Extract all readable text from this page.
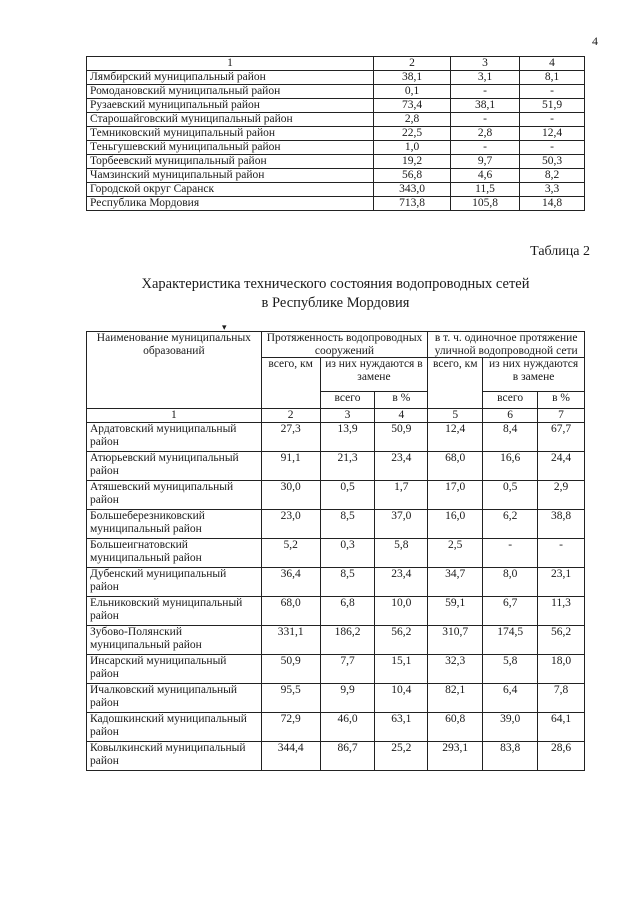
4
1	2	3	4
Лямбирский муниципальный район	38,1	3,1	8,1
Ромодановский муниципальный район	0,1	-	-
Рузаевский муниципальный район	73,4	38,1	51,9
Старошайговский муниципальный район	2,8	-	-
Темниковский муниципальный район	22,5	2,8	12,4
Теньгушевский муниципальный район	1,0	-	-
Торбеевский муниципальный район	19,2	9,7	50,3
Чамзинский муниципальный район	56,8	4,6	8,2
Городской округ Саранск	343,0	11,5	3,3
Республика Мордовия	713,8	105,8	14,8
Таблица 2
Характеристика технического состояния водопроводных сетей
в Республике Мордовия
▾
Наименование муниципальных образований	Протяженность водопроводных сооружений			в т. ч. одиночное протяжение уличной водопроводной сети		
	всего, км	из них нуждаются в замене		всего, км	из них нуждаются в замене	
		всего	в %		всего	в %
1	2	3	4	5	6	7
Ардатовский муниципальный район	27,3	13,9	50,9	12,4	8,4	67,7
Атюрьевский муниципальный район	91,1	21,3	23,4	68,0	16,6	24,4
Атяшевский муниципальный район	30,0	0,5	1,7	17,0	0,5	2,9
Большеберезниковский муниципальный район	23,0	8,5	37,0	16,0	6,2	38,8
Большеигнатовский муниципальный район	5,2	0,3	5,8	2,5	-	-
Дубенский муниципальный район	36,4	8,5	23,4	34,7	8,0	23,1
Ельниковский муниципальный район	68,0	6,8	10,0	59,1	6,7	11,3
Зубово-Полянский муниципальный район	331,1	186,2	56,2	310,7	174,5	56,2
Инсарский муниципальный район	50,9	7,7	15,1	32,3	5,8	18,0
Ичалковский муниципальный район	95,5	9,9	10,4	82,1	6,4	7,8
Кадошкинский муниципальный район	72,9	46,0	63,1	60,8	39,0	64,1
Ковылкинский муниципальный район	344,4	86,7	25,2	293,1	83,8	28,6
